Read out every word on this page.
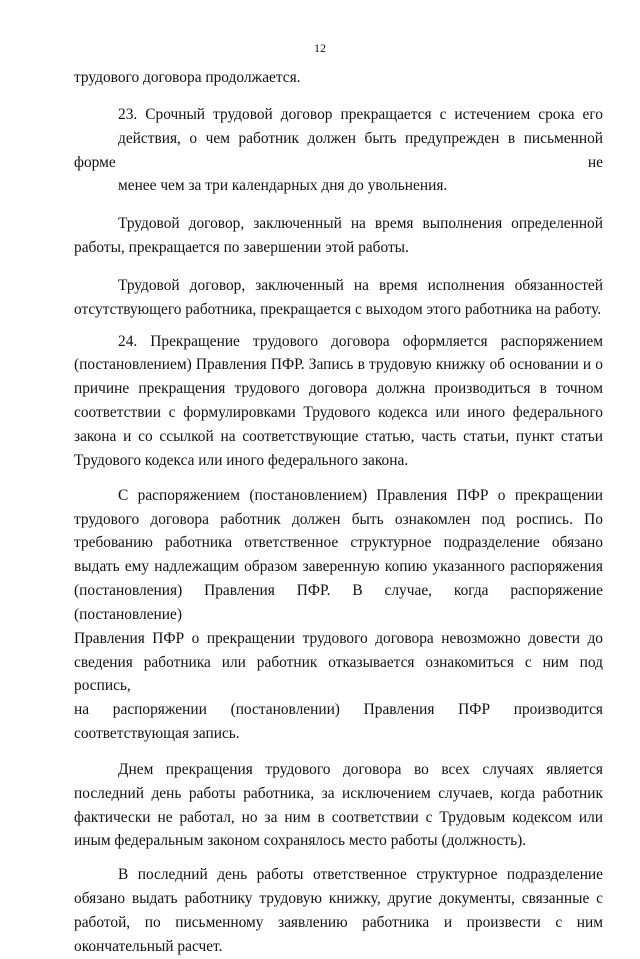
12

трудового договора продолжается.

23. Срочный трудовой договор прекращается с истечением срока его
действия, о чем работник должен быть предупрежден в письменной форме не
менее чем за три календарных дня до увольнения.

Трудовой договор, заключенный на время выполнения определенной
работы, прекращается по завершении этой работы.

Трудовой договор, заключенный на время исполнения обязанностей
отсутствующего работника, прекращается с выходом этого работника на работу.

24. Прекращение трудового договора оформляется распоряжением
(постановлением) Правления ПФР. Запись в трудовую книжку об основании и о
причине прекращения трудового договора должна производиться в точном
соответствии с формулировками Трудового кодекса или иного федерального
закона и со ссылкой на соответствующие статью, часть статьи, пункт статьи
Трудового кодекса или иного федерального закона.

С распоряжением (постановлением) Правления ПФР о прекращении
трудового договора работник должен быть ознакомлен под роспись. По
требованию работника ответственное структурное подразделение обязано
выдать ему надлежащим образом заверенную копию указанного распоряжения
(постановления) Правления ПФР. В случае, когда распоряжение (постановление)
Правления ПФР о прекращении трудового договора невозможно довести до
сведения работника или работник отказывается ознакомиться с ним под роспись,
на распоряжении (постановлении) Правления ПФР производится
соответствующая запись.

Днем прекращения трудового договора во всех случаях является
последний день работы работника, за исключением случаев, когда работник
фактически не работал, но за ним в соответствии с Трудовым кодексом или
иным федеральным законом сохранялось место работы (должность).

В последний день работы ответственное структурное подразделение
обязано выдать работнику трудовую книжку, другие документы, связанные с
работой, по письменному заявлению работника и произвести с ним
окончательный расчет.
